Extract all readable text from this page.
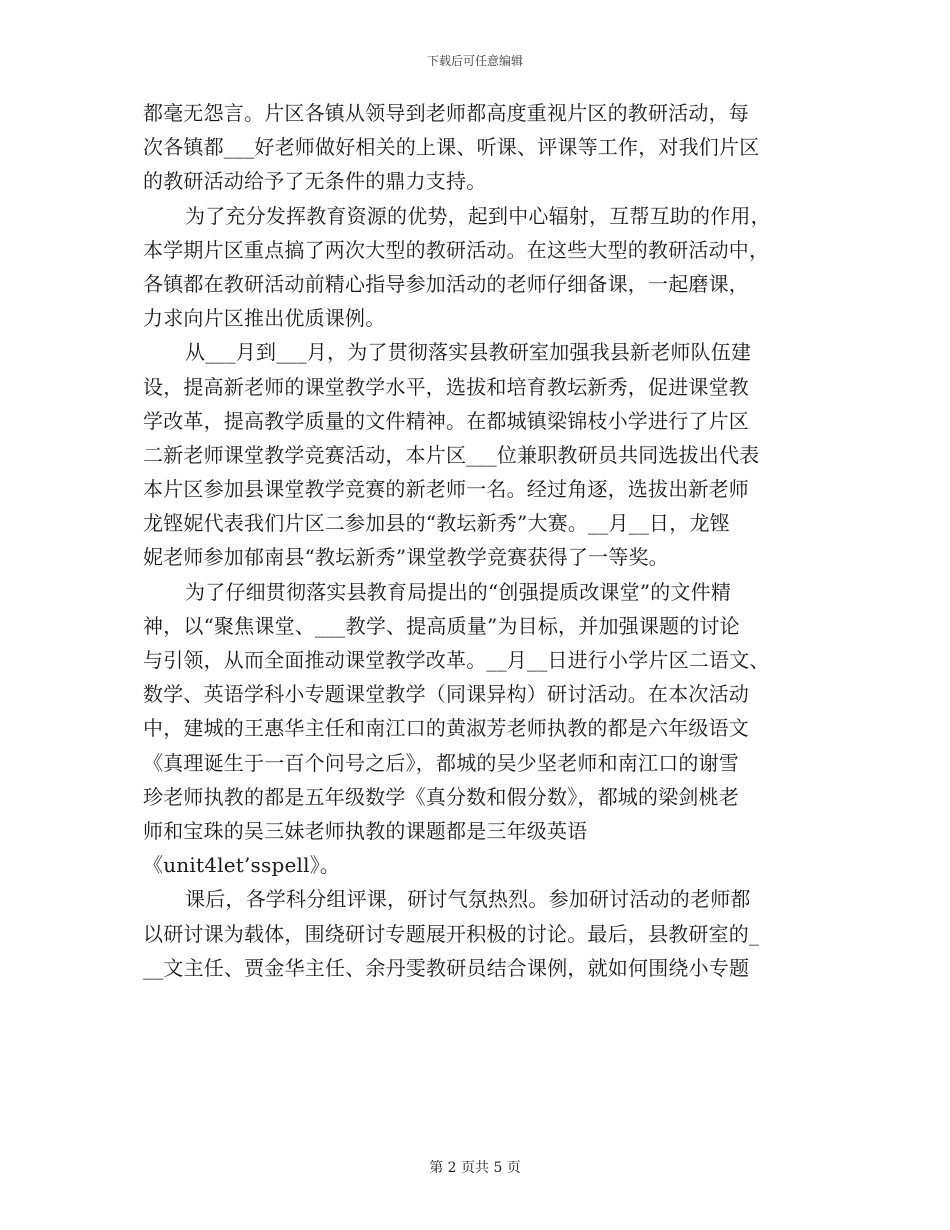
下载后可任意编辑
都毫无怨言。片区各镇从领导到老师都高度重视片区的教研活动，每
次各镇都___好老师做好相关的上课、听课、评课等工作，对我们片区
的教研活动给予了无条件的鼎力支持。
为了充分发挥教育资源的优势，起到中心辐射，互帮互助的作用，
本学期片区重点搞了两次大型的教研活动。在这些大型的教研活动中，
各镇都在教研活动前精心指导参加活动的老师仔细备课，一起磨课，
力求向片区推出优质课例。
从___月到___月，为了贯彻落实县教研室加强我县新老师队伍建
设，提高新老师的课堂教学水平，选拔和培育教坛新秀，促进课堂教
学改革，提高教学质量的文件精神。在都城镇梁锦枝小学进行了片区
二新老师课堂教学竞赛活动，本片区___位兼职教研员共同选拔出代表
本片区参加县课堂教学竞赛的新老师一名。经过角逐，选拔出新老师
龙铿妮代表我们片区二参加县的“教坛新秀”大赛。__月__日，龙铿
妮老师参加郁南县“教坛新秀”课堂教学竞赛获得了一等奖。
为了仔细贯彻落实县教育局提出的“创强提质改课堂”的文件精
神，以“聚焦课堂、___教学、提高质量”为目标，并加强课题的讨论
与引领，从而全面推动课堂教学改革。__月__日进行小学片区二语文、
数学、英语学科小专题课堂教学（同课异构）研讨活动。在本次活动
中，建城的王惠华主任和南江口的黄淑芳老师执教的都是六年级语文
《真理诞生于一百个问号之后》，都城的吴少坚老师和南江口的谢雪
珍老师执教的都是五年级数学《真分数和假分数》，都城的梁剑桃老
师和宝珠的吴三妹老师执教的课题都是三年级英语
《unit4let’sspell》。
课后，各学科分组评课，研讨气氛热烈。参加研讨活动的老师都
以研讨课为载体，围绕研讨专题展开积极的讨论。最后，县教研室的_
__文主任、贾金华主任、余丹雯教研员结合课例，就如何围绕小专题
第 2 页共 5 页
